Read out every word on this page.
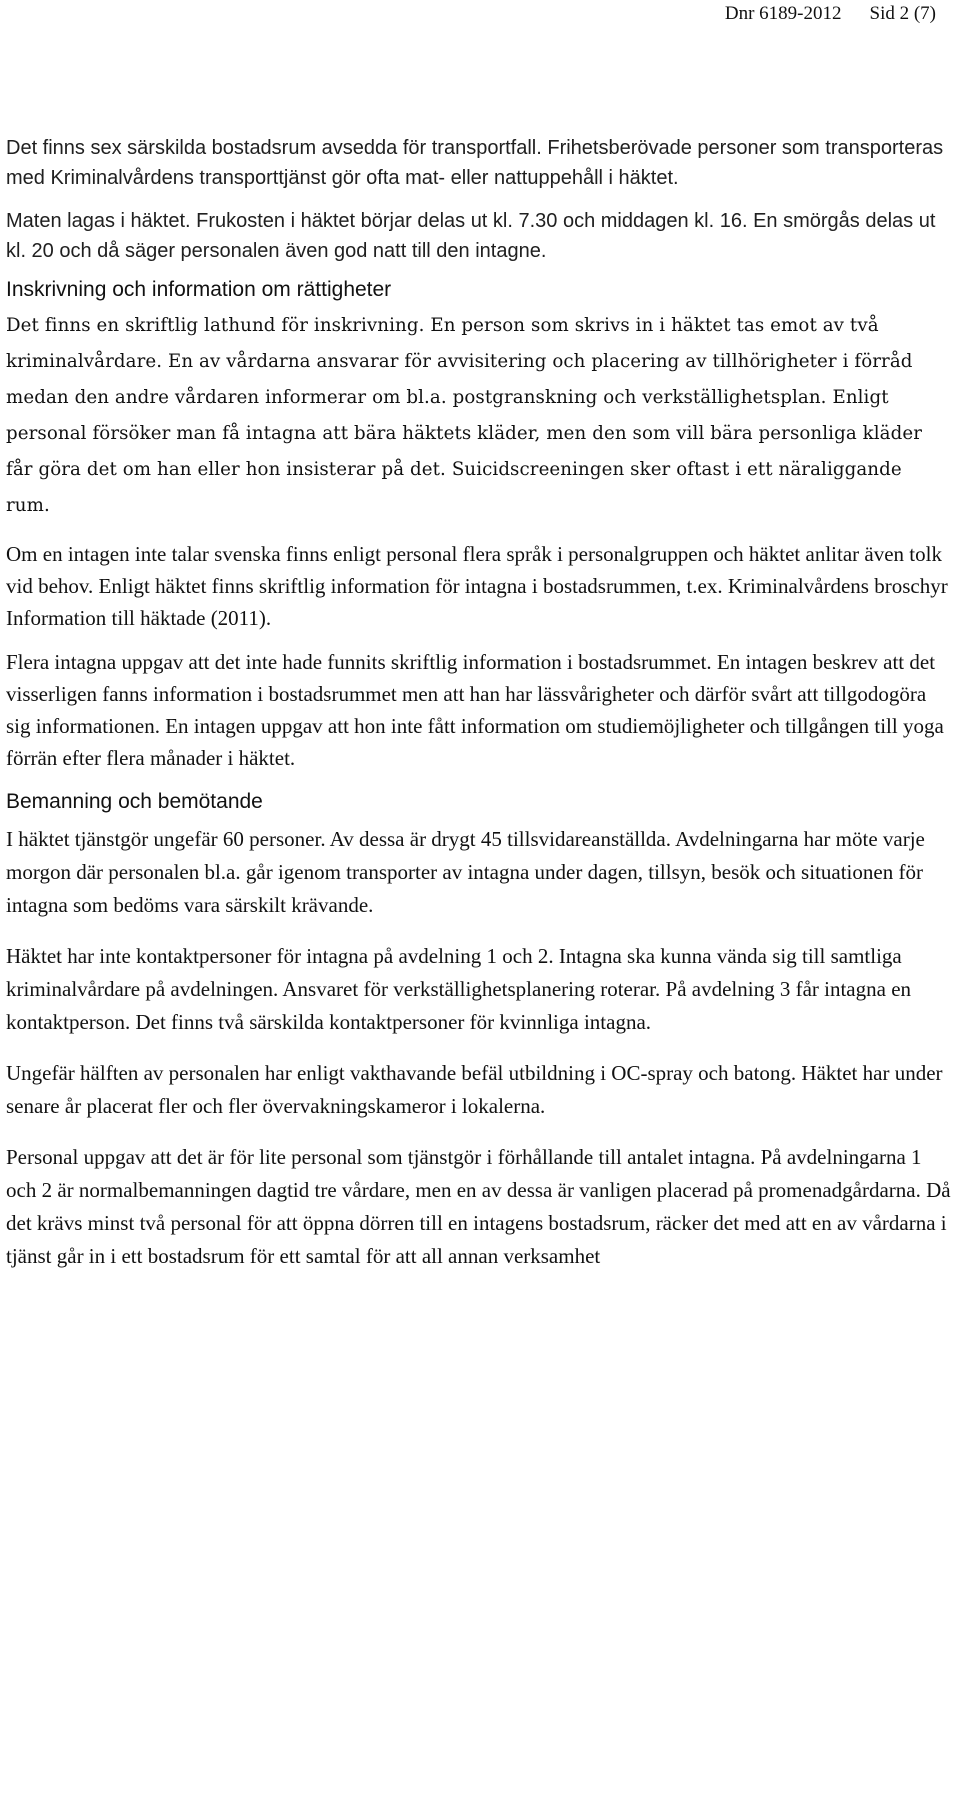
Dnr 6189-2012 Sid 2 (7)

Det finns sex särskilda bostadsrum avsedda för transportfall. Frihetsberövade personer som transporteras med Kriminalvårdens transporttjänst gör ofta mat- eller nattuppehåll i häktet.

Maten lagas i häktet. Frukosten i häktet börjar delas ut kl. 7.30 och middagen kl. 16. En smörgås delas ut kl. 20 och då säger personalen även god natt till den intagne.

Inskrivning och information om rättigheter

Det finns en skriftlig lathund för inskrivning. En person som skrivs in i häktet tas emot av två kriminalvårdare. En av vårdarna ansvarar för avvisitering och placering av tillhörigheter i förråd medan den andre vårdaren informerar om bl.a. postgranskning och verkställighetsplan. Enligt personal försöker man få intagna att bära häktets kläder, men den som vill bära personliga kläder får göra det om han eller hon insisterar på det. Suicidscreeningen sker oftast i ett näraliggande rum.

Om en intagen inte talar svenska finns enligt personal flera språk i personalgruppen och häktet anlitar även tolk vid behov. Enligt häktet finns skriftlig information för intagna i bostadsrummen, t.ex. Kriminalvårdens broschyr Information till häktade (2011).

Flera intagna uppgav att det inte hade funnits skriftlig information i bostadsrummet. En intagen beskrev att det visserligen fanns information i bostadsrummet men att han har lässvårigheter och därför svårt att tillgodogöra sig informationen. En intagen uppgav att hon inte fått information om studiemöjligheter och tillgången till yoga förrän efter flera månader i häktet.

Bemanning och bemötande

I häktet tjänstgör ungefär 60 personer. Av dessa är drygt 45 tillsvidareanställda. Avdelningarna har möte varje morgon där personalen bl.a. går igenom transporter av intagna under dagen, tillsyn, besök och situationen för intagna som bedöms vara särskilt krävande.

Häktet har inte kontaktpersoner för intagna på avdelning 1 och 2. Intagna ska kunna vända sig till samtliga kriminalvårdare på avdelningen. Ansvaret för verkställighetsplanering roterar. På avdelning 3 får intagna en kontaktperson. Det finns två särskilda kontaktpersoner för kvinnliga intagna.

Ungefär hälften av personalen har enligt vakthavande befäl utbildning i OC-spray och batong. Häktet har under senare år placerat fler och fler övervakningskameror i lokalerna.

Personal uppgav att det är för lite personal som tjänstgör i förhållande till antalet intagna. På avdelningarna 1 och 2 är normalbemanningen dagtid tre vårdare, men en av dessa är vanligen placerad på promenadgårdarna. Då det krävs minst två personal för att öppna dörren till en intagens bostadsrum, räcker det med att en av vårdarna i tjänst går in i ett bostadsrum för ett samtal för att all annan verksamhet
